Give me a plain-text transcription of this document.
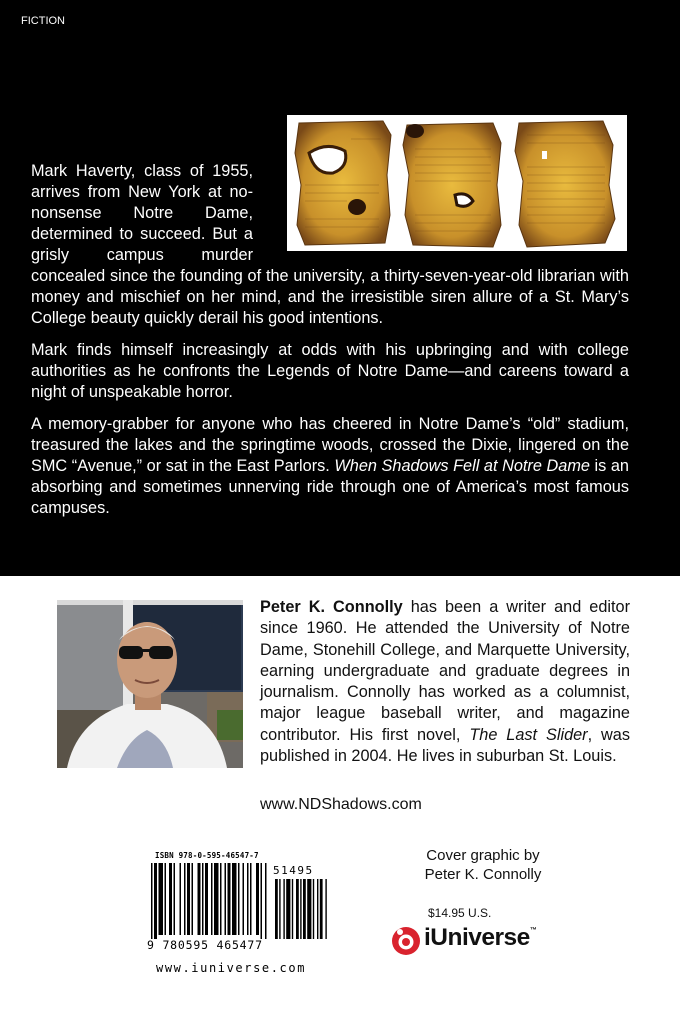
FICTION

Mark Haverty, class of 1955, arrives from New York at no-nonsense Notre Dame, determined to succeed. But a grisly campus murder concealed since the founding of the university, a thirty-seven-year-old librarian with money and mischief on her mind, and the irresistible siren allure of a St. Mary’s College beauty quickly derail his good intentions.

Mark finds himself increasingly at odds with his upbringing and with college authorities as he confronts the Legends of Notre Dame—and careens toward a night of unspeakable horror.

A memory-grabber for anyone who has cheered in Notre Dame’s “old” stadium, treasured the lakes and the springtime woods, crossed the Dixie, lingered on the SMC “Avenue,” or sat in the East Parlors. When Shadows Fell at Notre Dame is an absorbing and sometimes unnerving ride through one of America’s most famous campuses.

Peter K. Connolly has been a writer and editor since 1960. He attended the University of Notre Dame, Stonehill College, and Marquette University, earning undergraduate and graduate degrees in journalism. Connolly has worked as a columnist, major league baseball writer, and magazine contributor. His first novel, The Last Slider, was published in 2004. He lives in suburban St. Louis.
www.NDShadows.com
ISBN 978-0-595-46547-7
51495
9 780595 465477
www.iuniverse.com
Cover graphic by
Peter K. Connolly
$14.95 U.S.
iUniverse™
